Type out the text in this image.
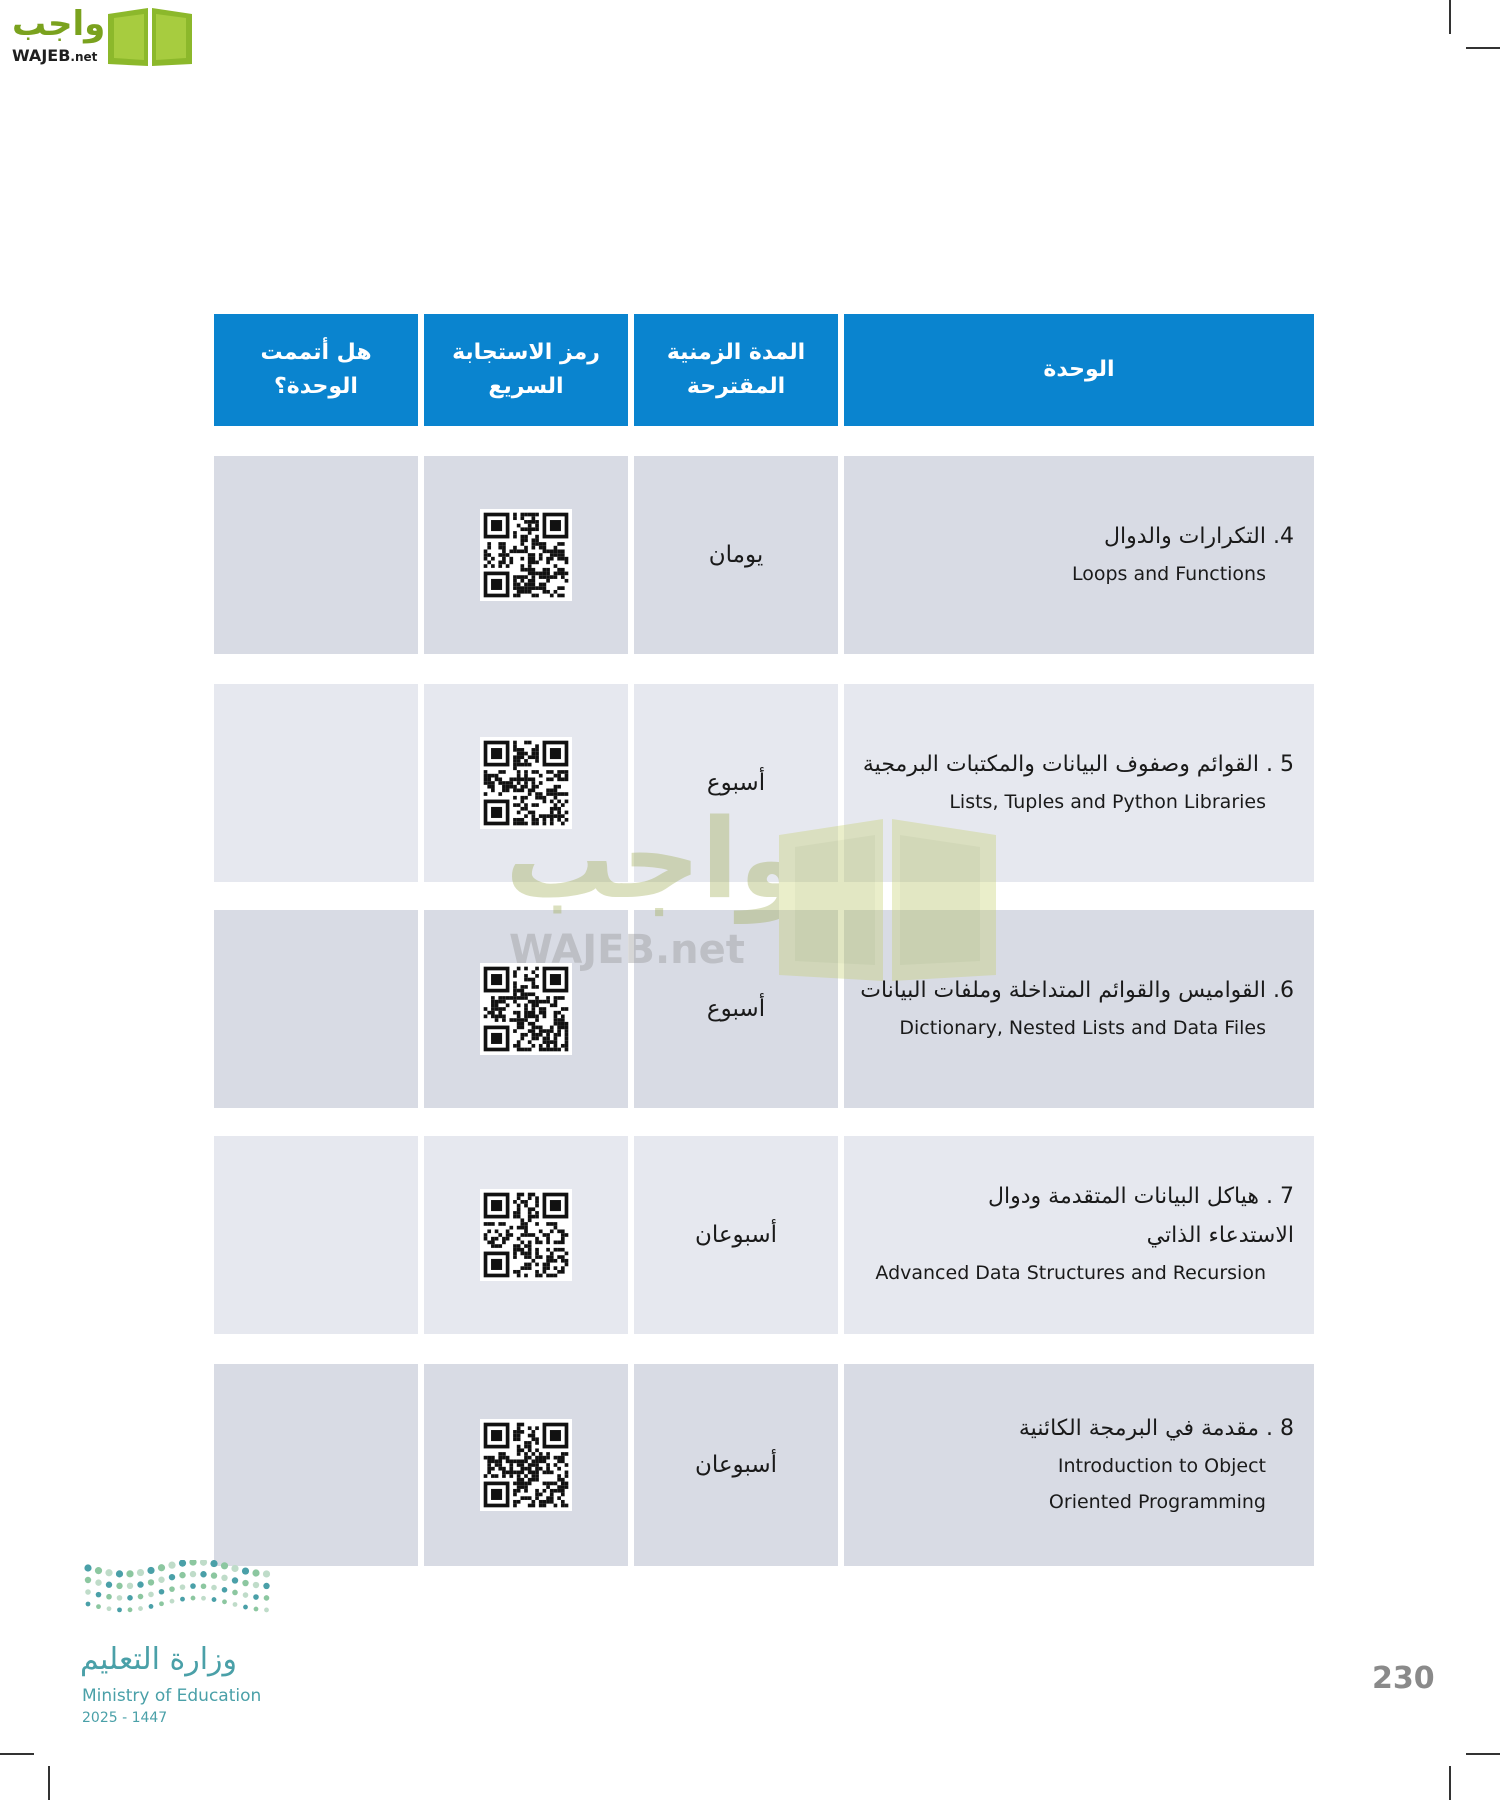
واجب
WAJEB.net
الوحدة
المدة الزمنية
المقترحة
رمز الاستجابة
السريع
هل أتممت
الوحدة؟
4. التكرارات والدوال
Loops and Functions
يومان
5 . القوائم وصفوف البيانات والمكتبات البرمجية
Lists, Tuples and Python Libraries
أسبوع
6. القواميس والقوائم المتداخلة وملفات البيانات
Dictionary, Nested Lists and Data Files
أسبوع
7 . هياكل البيانات المتقدمة ودوال الاستدعاء الذاتي
Advanced Data Structures and Recursion
أسبوعان
8 . مقدمة في البرمجة الكائنية
Introduction to Object Oriented Programming
أسبوعان
واجب
WAJEB.net
وزارة التعليم
Ministry of Education
2025 - 1447
230
